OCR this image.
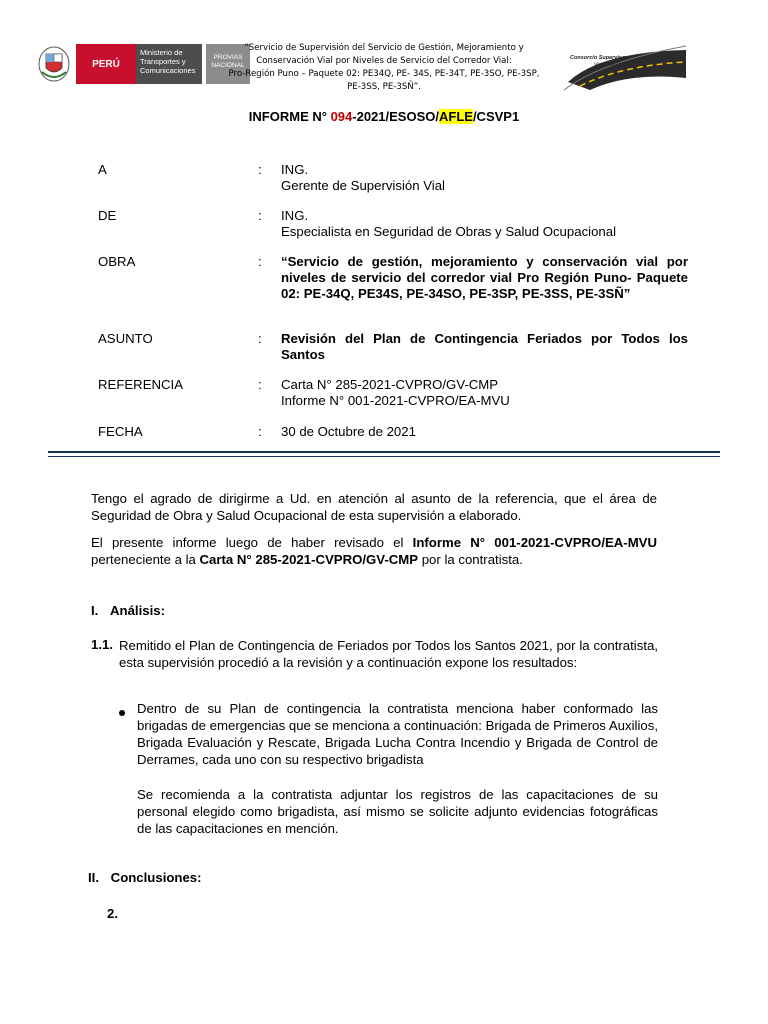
PERÚ
Ministerio de Transportes y Comunicaciones
PROVIAS NACIONAL
“Servicio de Supervisión del Servicio de Gestión, Mejoramiento y
Conservación Vial por Niveles de Servicio del Corredor Vial:
Pro-Región Puno – Paquete 02: PE34Q, PE- 34S, PE-34T, PE-3SO, PE-3SP,
PE-3SS, PE-3SÑ”.
Consorcio Supervisor
Vial Perú 1
INFORME N° 094-2021/ESOSO/AFLE/CSVP1
A	: ING.
Gerente de Supervisión Vial
DE	: ING.
Especialista en Seguridad de Obras y Salud Ocupacional
OBRA	: “Servicio de gestión, mejoramiento y conservación vial por niveles de servicio del corredor vial Pro Región Puno- Paquete 02: PE-34Q, PE34S, PE-34SO, PE-3SP, PE-3SS, PE-3SÑ”
ASUNTO	: Revisión del Plan de Contingencia Feriados por Todos los Santos
REFERENCIA	: Carta N° 285-2021-CVPRO/GV-CMP
Informe N° 001-2021-CVPRO/EA-MVU
FECHA	: 30 de Octubre de 2021
Tengo el agrado de dirigirme a Ud. en atención al asunto de la referencia, que el área de Seguridad de Obra y Salud Ocupacional de esta supervisión a elaborado.
El presente informe luego de haber revisado el Informe N° 001-2021-CVPRO/EA-MVU perteneciente a la Carta N° 285-2021-CVPRO/GV-CMP por la contratista.
I. Análisis:
1.1. Remitido el Plan de Contingencia de Feriados por Todos los Santos 2021, por la contratista, esta supervisión procedió a la revisión y a continuación expone los resultados:
Dentro de su Plan de contingencia la contratista menciona haber conformado las brigadas de emergencias que se menciona a continuación: Brigada de Primeros Auxilios, Brigada Evaluación y Rescate, Brigada Lucha Contra Incendio y Brigada de Control de Derrames, cada uno con su respectivo brigadista
Se recomienda a la contratista adjuntar los registros de las capacitaciones de su personal elegido como brigadista, así mismo se solicite adjunto evidencias fotográficas de las capacitaciones en mención.
II. Conclusiones:
2.
